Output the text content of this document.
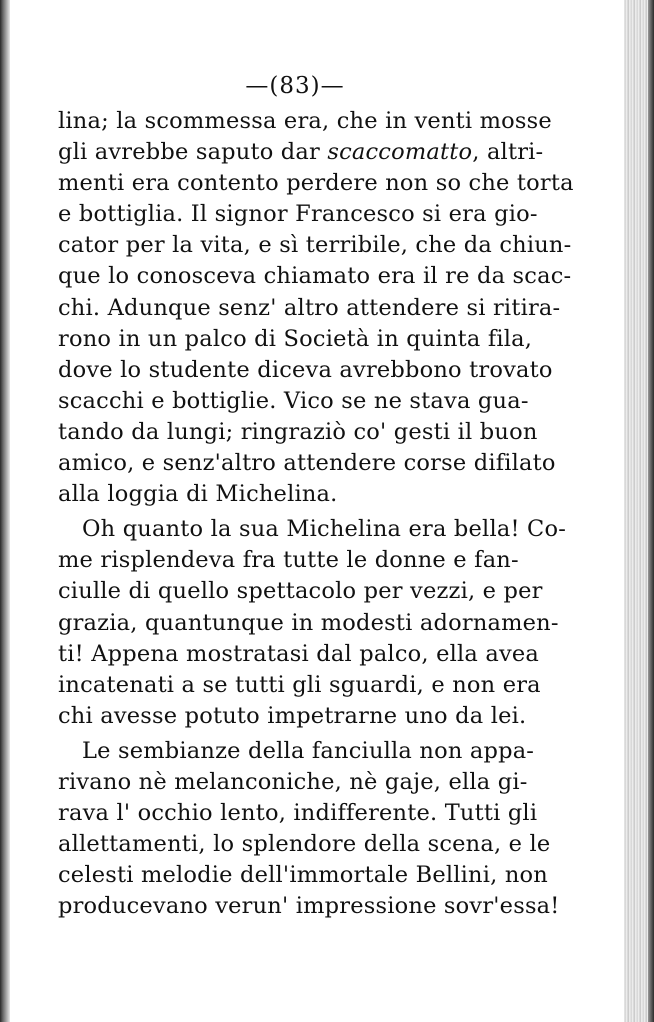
—(83)—
lina; la scommessa era, che in venti mosse
gli avrebbe saputo dar scaccomatto, altri-
menti era contento perdere non so che torta
e bottiglia. Il signor Francesco si era gio-
cator per la vita, e sì terribile, che da chiun-
que lo conosceva chiamato era il re da scac-
chi. Adunque senz' altro attendere si ritira-
rono in un palco di Società in quinta fila,
dove lo studente diceva avrebbono trovato
scacchi e bottiglie. Vico se ne stava gua-
tando da lungi; ringraziò co' gesti il buon
amico, e senz'altro attendere corse difilato
alla loggia di Michelina.
Oh quanto la sua Michelina era bella! Co-
me risplendeva fra tutte le donne e fan-
ciulle di quello spettacolo per vezzi, e per
grazia, quantunque in modesti adornamen-
ti! Appena mostratasi dal palco, ella avea
incatenati a se tutti gli sguardi, e non era
chi avesse potuto impetrarne uno da lei.
Le sembianze della fanciulla non appa-
rivano nè melanconiche, nè gaje, ella gi-
rava l' occhio lento, indifferente. Tutti gli
allettamenti, lo splendore della scena, e le
celesti melodie dell'immortale Bellini, non
producevano verun' impressione sovr'essa!
